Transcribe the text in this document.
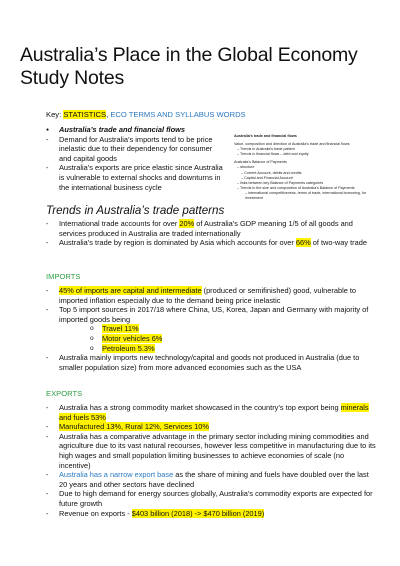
Australia’s Place in the Global Economy Study Notes
Key: STATISTICS, ECO TERMS AND SYLLABUS WORDS
● Australia’s trade and financial flows
- Demand for Australia’s imports tend to be price inelastic due to their dependency for consumer and capital goods
- Australia’s exports are price elastic since Australia is vulnerable to external shocks and downturns in the international business cycle
Australia’s trade and financial flows
Value, composition and direction of Australia’s trade and financial flows
– Trends in Australia’s trade pattern
– Trends in financial flows – debt and equity
Australia’s Balance of Payments
– structure
– Current Account, debits and credits
– Capital and Financial Account
– links between key Balance of Payments categories
– Trends in the size and composition of Australia’s Balance of Payments
– international competitiveness, terms of trade, international borrowing, for investment
Trends in Australia’s trade patterns
- International trade accounts for over 20% of Australia’s GDP meaning 1/5 of all goods and services produced in Australia are traded internationally
- Australia’s trade by region is dominated by Asia which accounts for over 66% of two-way trade
IMPORTS
- 45% of imports are capital and intermediate (produced or semifinished) good, vulnerable to imported inflation especially due to the demand being price inelastic
- Top 5 import sources in 2017/18 where China, US, Korea, Japan and Germany with majority of imported goods being
o Travel 11%
o Motor vehicles 6%
o Petroleum 5.3%
- Australia mainly imports new technology/capital and goods not produced in Australia (due to smaller population size) from more advanced economies such as the USA
EXPORTS
- Australia has a strong commodity market showcased in the country’s top export being minerals and fuels 53%
- Manufactured 13%, Rural 12%, Services 10%
- Australia has a comparative advantage in the primary sector including mining commodities and agriculture due to its vast natural recourses, however less competitive in manufacturing due to its high wages and small population limiting businesses to achieve economies of scale (no incentive)
- Australia has a narrow export base as the share of mining and fuels have doubled over the last 20 years and other sectors have declined
- Due to high demand for energy sources globally, Australia’s commodity exports are expected for future growth
- Revenue on exports - $403 billion (2018) -> $470 billion (2019)
